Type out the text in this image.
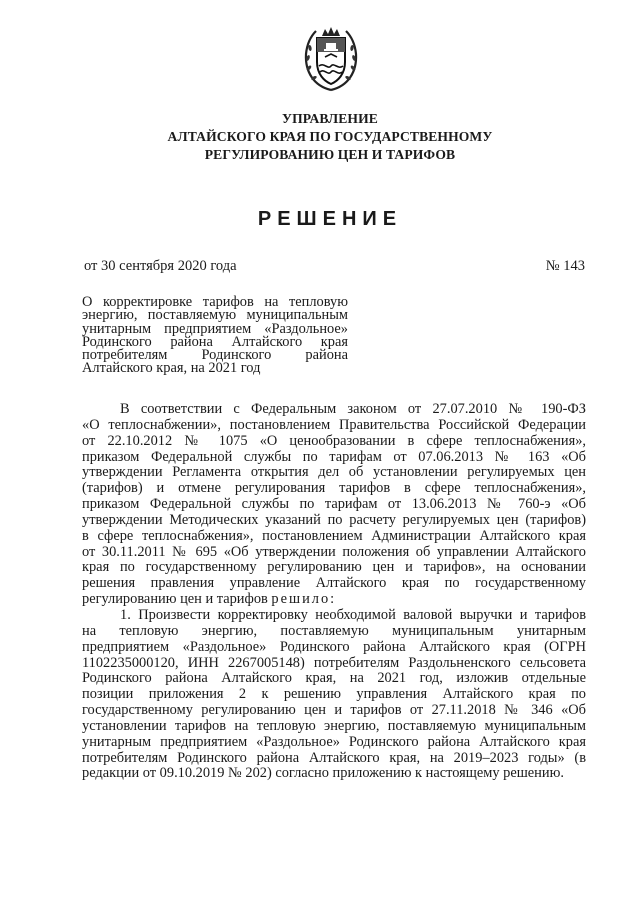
УПРАВЛЕНИЕ
АЛТАЙСКОГО КРАЯ ПО ГОСУДАРСТВЕННОМУ
РЕГУЛИРОВАНИЮ ЦЕН И ТАРИФОВ
РЕШЕНИЕ
от 30 сентября 2020 года	№ 143
О корректировке тарифов на тепловую
энергию, поставляемую муниципальным
унитарным предприятием «Раздольное»
Родинского района Алтайского края
потребителям Родинского района
Алтайского края, на 2021 год
В соответствии с Федеральным законом от 27.07.2010 № 190-ФЗ
«О теплоснабжении», постановлением Правительства Российской Федерации
от 22.10.2012 № 1075 «О ценообразовании в сфере теплоснабжения»,
приказом Федеральной службы по тарифам от 07.06.2013 № 163 «Об
утверждении Регламента открытия дел об установлении регулируемых цен
(тарифов) и отмене регулирования тарифов в сфере теплоснабжения»,
приказом Федеральной службы по тарифам от 13.06.2013 № 760-э «Об
утверждении Методических указаний по расчету регулируемых цен (тарифов)
в сфере теплоснабжения», постановлением Администрации Алтайского края
от 30.11.2011 № 695 «Об утверждении положения об управлении Алтайского
края по государственному регулированию цен и тарифов», на основании
решения правления управление Алтайского края по государственному
регулированию цен и тарифов решило:
1. Произвести корректировку необходимой валовой выручки и тарифов
на тепловую энергию, поставляемую муниципальным унитарным
предприятием «Раздольное» Родинского района Алтайского края (ОГРН
1102235000120, ИНН 2267005148) потребителям Раздольненского сельсовета
Родинского района Алтайского края, на 2021 год, изложив отдельные
позиции приложения 2 к решению управления Алтайского края по
государственному регулированию цен и тарифов от 27.11.2018 № 346 «Об
установлении тарифов на тепловую энергию, поставляемую муниципальным
унитарным предприятием «Раздольное» Родинского района Алтайского края
потребителям Родинского района Алтайского края, на 2019–2023 годы» (в
редакции от 09.10.2019 № 202) согласно приложению к настоящему решению.
